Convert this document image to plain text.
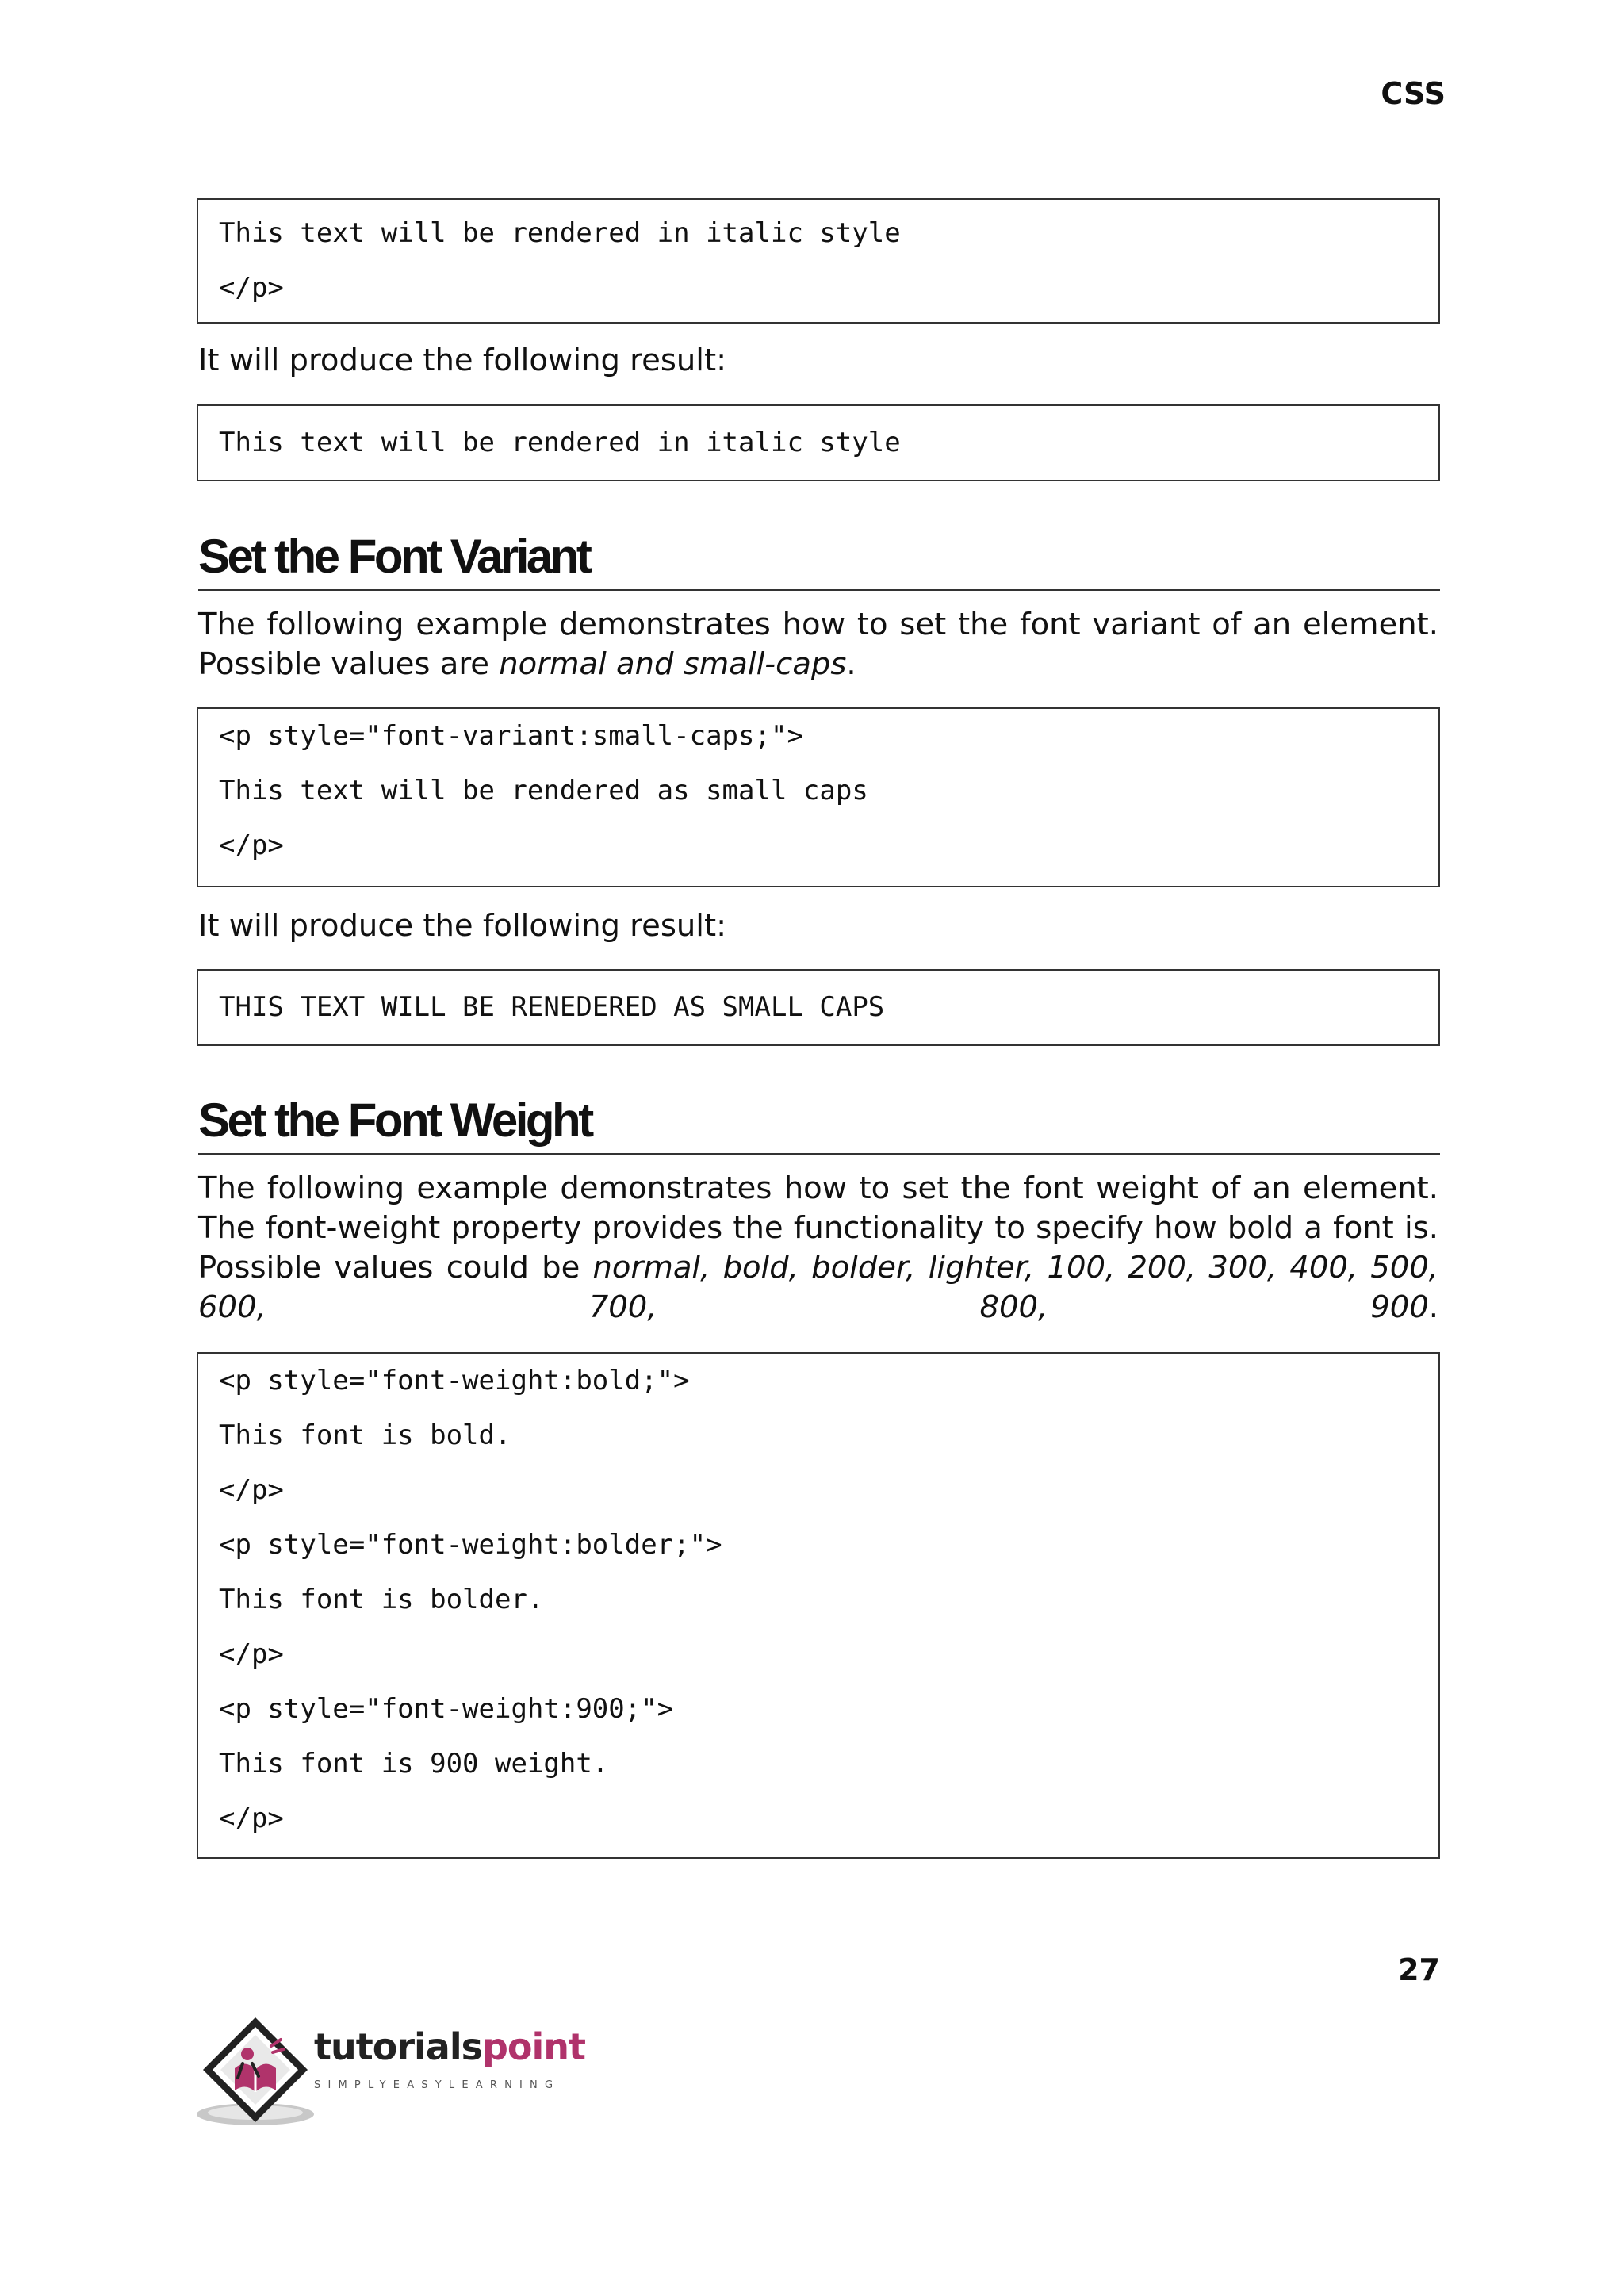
CSS
This text will be rendered in italic style
</p>

It will produce the following result:

This text will be rendered in italic style
Set the Font Variant

The following example demonstrates how to set the font variant of an element. Possible values are normal and small-caps.

<p style="font-variant:small-caps;">
This text will be rendered as small caps
</p>

It will produce the following result:

THIS TEXT WILL BE RENEDERED AS SMALL CAPS
Set the Font Weight

The following example demonstrates how to set the font weight of an element. The font-weight property provides the functionality to specify how bold a font is. Possible values could be normal, bold, bolder, lighter, 100, 200, 300, 400, 500, 600, 700, 800, 900.

<p style="font-weight:bold;">
This font is bold.
</p>
<p style="font-weight:bolder;">
This font is bolder.
</p>
<p style="font-weight:900;">
This font is 900 weight.
</p>
27
tutorialspoint
SIMPLYEASYLEARNING
